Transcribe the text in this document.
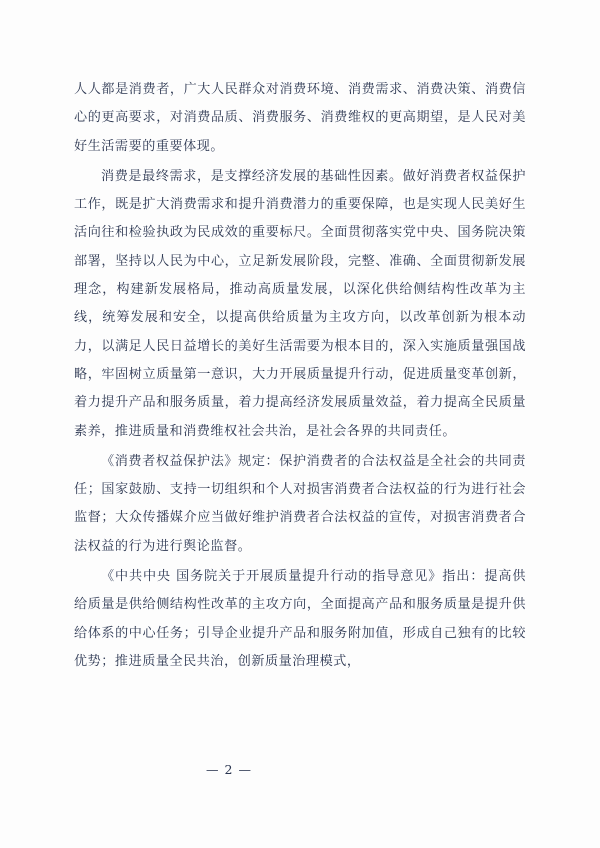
人人都是消费者，广大人民群众对消费环境、消费需求、消费决策、消费信心的更高要求，对消费品质、消费服务、消费维权的更高期望，是人民对美好生活需要的重要体现。

消费是最终需求，是支撑经济发展的基础性因素。做好消费者权益保护工作，既是扩大消费需求和提升消费潜力的重要保障，也是实现人民美好生活向往和检验执政为民成效的重要标尺。全面贯彻落实党中央、国务院决策部署，坚持以人民为中心，立足新发展阶段，完整、准确、全面贯彻新发展理念，构建新发展格局，推动高质量发展，以深化供给侧结构性改革为主线，统筹发展和安全，以提高供给质量为主攻方向，以改革创新为根本动力，以满足人民日益增长的美好生活需要为根本目的，深入实施质量强国战略，牢固树立质量第一意识，大力开展质量提升行动，促进质量变革创新，着力提升产品和服务质量，着力提高经济发展质量效益，着力提高全民质量素养，推进质量和消费维权社会共治，是社会各界的共同责任。

《消费者权益保护法》规定：保护消费者的合法权益是全社会的共同责任；国家鼓励、支持一切组织和个人对损害消费者合法权益的行为进行社会监督；大众传播媒介应当做好维护消费者合法权益的宣传，对损害消费者合法权益的行为进行舆论监督。

《中共中央 国务院关于开展质量提升行动的指导意见》指出：提高供给质量是供给侧结构性改革的主攻方向，全面提高产品和服务质量是提升供给体系的中心任务；引导企业提升产品和服务附加值，形成自己独有的比较优势；推进质量全民共治，创新质量治理模式，

— 2 —
